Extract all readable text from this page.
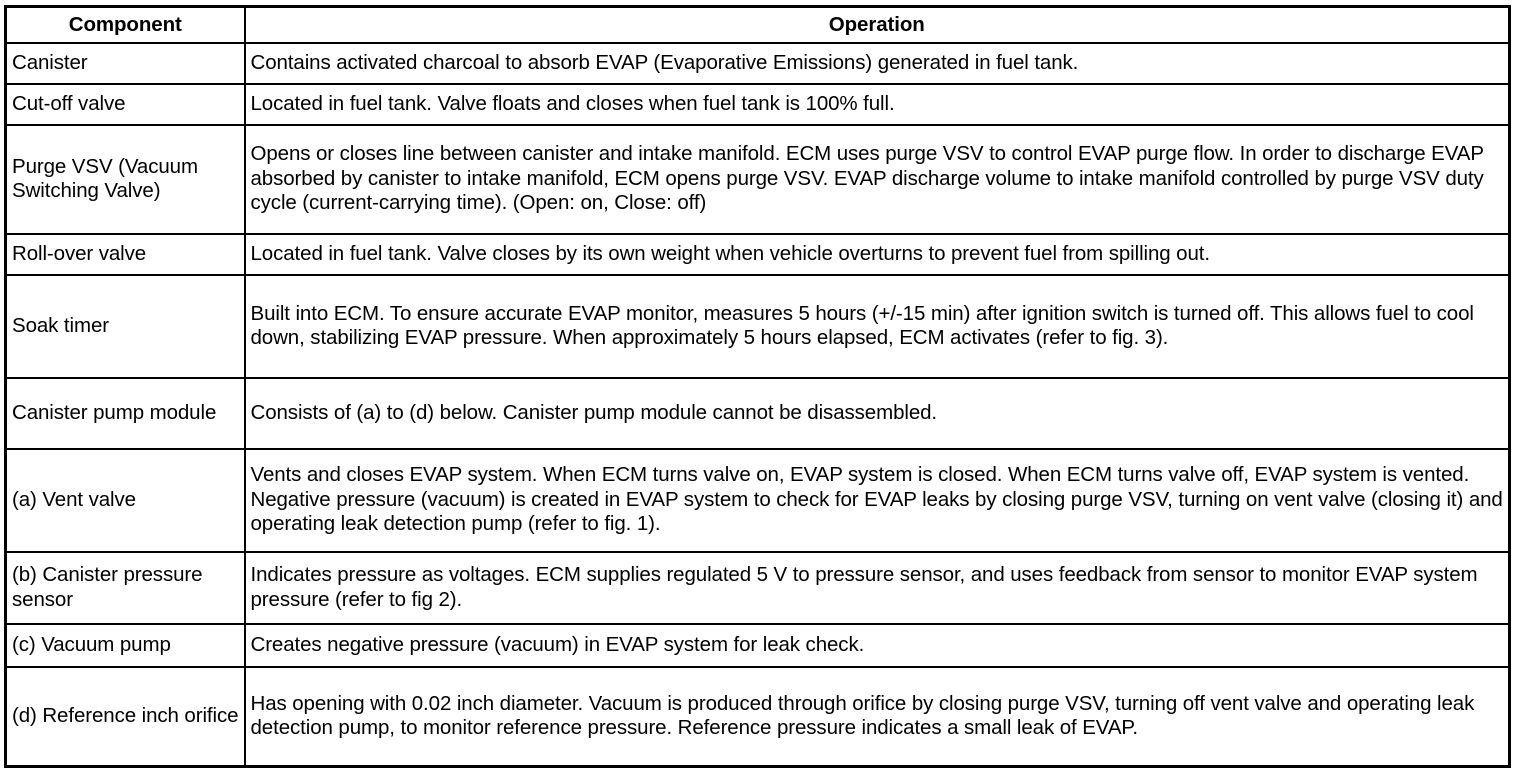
Component	Operation
Canister	Contains activated charcoal to absorb EVAP (Evaporative Emissions) generated in fuel tank.
Cut-off valve	Located in fuel tank. Valve floats and closes when fuel tank is 100% full.
Purge VSV (Vacuum Switching Valve)	Opens or closes line between canister and intake manifold. ECM uses purge VSV to control EVAP purge flow. In order to discharge EVAP absorbed by canister to intake manifold, ECM opens purge VSV. EVAP discharge volume to intake manifold controlled by purge VSV duty cycle (current-carrying time). (Open: on, Close: off)
Roll-over valve	Located in fuel tank. Valve closes by its own weight when vehicle overturns to prevent fuel from spilling out.
Soak timer	Built into ECM. To ensure accurate EVAP monitor, measures 5 hours (+/-15 min) after ignition switch is turned off. This allows fuel to cool down, stabilizing EVAP pressure. When approximately 5 hours elapsed, ECM activates (refer to fig. 3).
Canister pump module	Consists of (a) to (d) below. Canister pump module cannot be disassembled.
(a) Vent valve	Vents and closes EVAP system. When ECM turns valve on, EVAP system is closed. When ECM turns valve off, EVAP system is vented. Negative pressure (vacuum) is created in EVAP system to check for EVAP leaks by closing purge VSV, turning on vent valve (closing it) and operating leak detection pump (refer to fig. 1).
(b) Canister pressure sensor	Indicates pressure as voltages. ECM supplies regulated 5 V to pressure sensor, and uses feedback from sensor to monitor EVAP system pressure (refer to fig 2).
(c) Vacuum pump	Creates negative pressure (vacuum) in EVAP system for leak check.
(d) Reference inch orifice	Has opening with 0.02 inch diameter. Vacuum is produced through orifice by closing purge VSV, turning off vent valve and operating leak detection pump, to monitor reference pressure. Reference pressure indicates a small leak of EVAP.
